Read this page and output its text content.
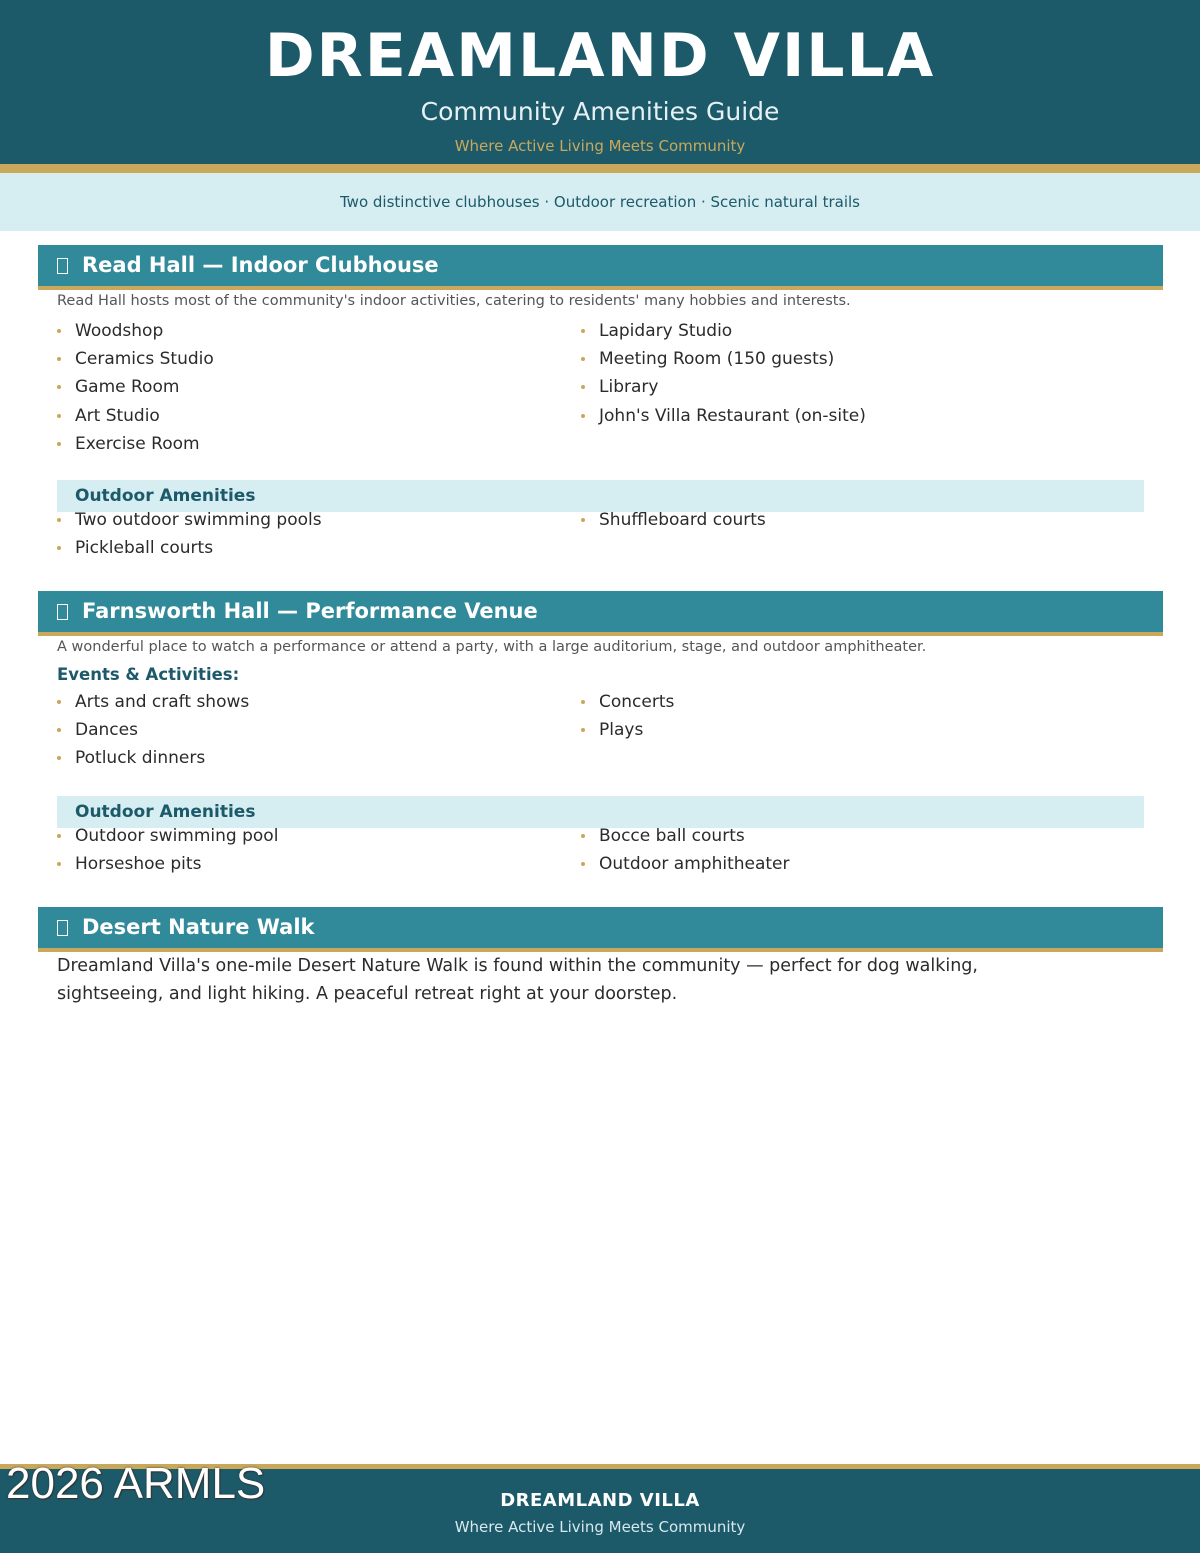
DREAMLAND VILLA
Community Amenities Guide
Where Active Living Meets Community
Two distinctive clubhouses · Outdoor recreation · Scenic natural trails
Read Hall — Indoor Clubhouse
Read Hall hosts most of the community's indoor activities, catering to residents' many hobbies and interests.
Woodshop
Ceramics Studio
Game Room
Art Studio
Exercise Room
Lapidary Studio
Meeting Room (150 guests)
Library
John's Villa Restaurant (on-site)
Outdoor Amenities
Two outdoor swimming pools
Pickleball courts
Shuffleboard courts
Farnsworth Hall — Performance Venue
A wonderful place to watch a performance or attend a party, with a large auditorium, stage, and outdoor amphitheater.
Events & Activities:
Arts and craft shows
Dances
Potluck dinners
Concerts
Plays
Outdoor Amenities
Outdoor swimming pool
Horseshoe pits
Bocce ball courts
Outdoor amphitheater
Desert Nature Walk
Dreamland Villa's one-mile Desert Nature Walk is found within the community — perfect for dog walking, sightseeing, and light hiking. A peaceful retreat right at your doorstep.
DREAMLAND VILLA
Where Active Living Meets Community
2026 ARMLS
